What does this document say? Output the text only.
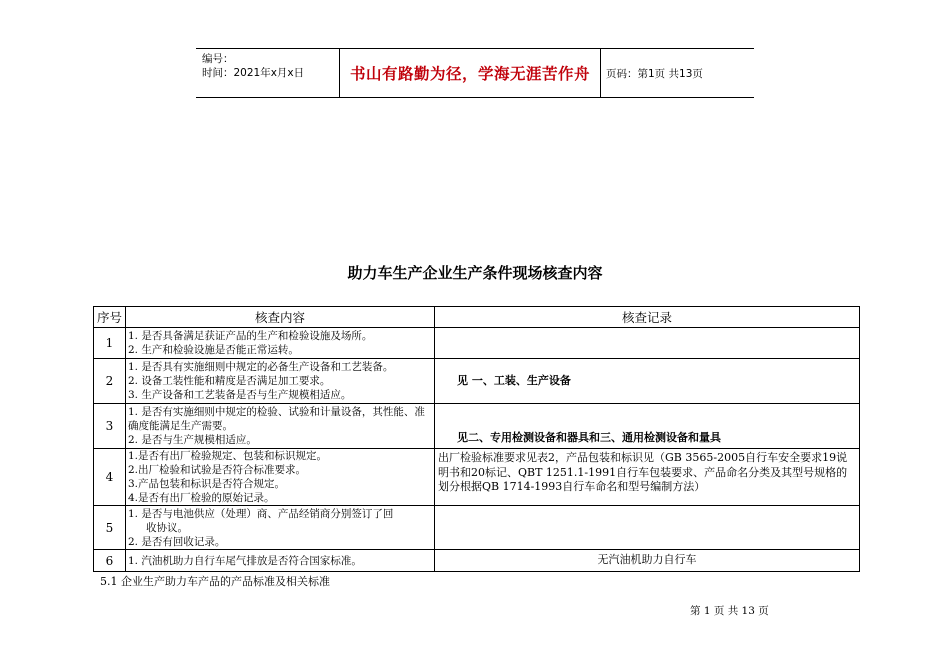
编号：
时间：2021年x月x日	书山有路勤为径，学海无涯苦作舟	页码：第1页 共13页
助力车生产企业生产条件现场核查内容
序号	核查内容	核查记录
1	1. 是否具备满足获证产品的生产和检验设施及场所。
2. 生产和检验设施是否能正常运转。	

2	1. 是否具有实施细则中规定的必备生产设备和工艺装备。
2. 设备工装性能和精度是否满足加工要求。
3. 生产设备和工艺装备是否与生产规模相适应。	见 一、工装、生产设备
3	1. 是否有实施细则中规定的检验、试验和计量设备，其性能、准确度能满足生产需要。
2. 是否与生产规模相适应。	见二、专用检测设备和器具和三、通用检测设备和量具
4	1.是否有出厂检验规定、包装和标识规定。
2.出厂检验和试验是否符合标准要求。
3.产品包装和标识是否符合规定。
4.是否有出厂检验的原始记录。	出厂检验标准要求见表2，产品包装和标识见（GB 3565-2005自行车安全要求19说明书和20标记、QBT 1251.1-1991自行车包装要求、产品命名分类及其型号规格的划分根据QB 1714-1993自行车命名和型号编制方法）
5	1. 是否与电池供应（处理）商、产品经销商分别签订了回
收协议。
2. 是否有回收记录。	

6	1. 汽油机助力自行车尾气排放是否符合国家标准。	无汽油机助力自行车
5.1 企业生产助力车产品的产品标准及相关标准
第 1 页 共 13 页
